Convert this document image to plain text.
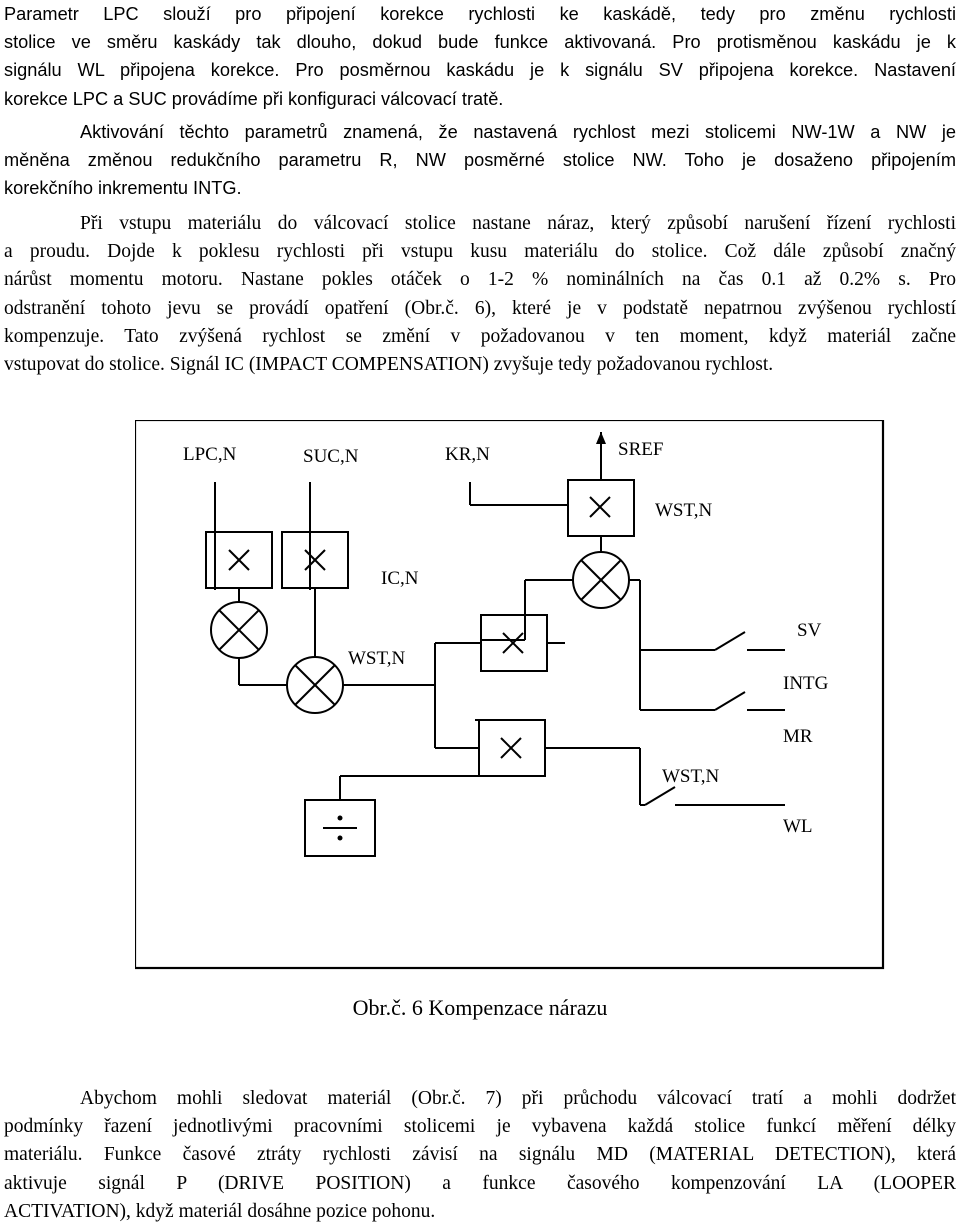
Parametr LPC slouží pro připojení korekce rychlosti ke kaskádě, tedy pro změnu rychlosti
stolice ve směru kaskády tak dlouho, dokud bude funkce aktivovaná. Pro protisměnou kaskádu je k
signálu WL připojena korekce. Pro posměrnou kaskádu je k signálu SV připojena korekce. Nastavení
korekce LPC a SUC provádíme při konfiguraci válcovací tratě.
Aktivování těchto parametrů znamená, že nastavená rychlost mezi stolicemi NW-1W a NW je
měněna změnou redukčního parametru R, NW posměrné stolice NW. Toho je dosaženo připojením
korekčního inkrementu INTG.
Při vstupu materiálu do válcovací stolice nastane náraz, který způsobí narušení řízení rychlosti
a proudu. Dojde k poklesu rychlosti při vstupu kusu materiálu do stolice. Což dále způsobí značný
nárůst momentu motoru. Nastane pokles otáček o 1-2 % nominálních na čas 0.1 až 0.2% s. Pro
odstranění tohoto jevu se provádí opatření (Obr.č. 6), které je v podstatě nepatrnou zvýšenou rychlostí
kompenzuje. Tato zvýšená rychlost se změní v požadovanou v ten moment, když materiál začne
vstupovat do stolice. Signál IC (IMPACT COMPENSATION) zvyšuje tedy požadovanou rychlost.
LPC,N	SUC,N	KR,N	SREF
WST,N
IC,N
WST,N
SV
INTG
MR
WST,N
WL
Obr.č. 6 Kompenzace nárazu
Abychom mohli sledovat materiál (Obr.č. 7) při průchodu válcovací tratí a mohli dodržet
podmínky řazení jednotlivými pracovními stolicemi je vybavena každá stolice funkcí měření délky
materiálu. Funkce časové ztráty rychlosti závisí na signálu MD (MATERIAL DETECTION), která
aktivuje signál P (DRIVE POSITION) a funkce časového kompenzování LA (LOOPER
ACTIVATION), když materiál dosáhne pozice pohonu.
